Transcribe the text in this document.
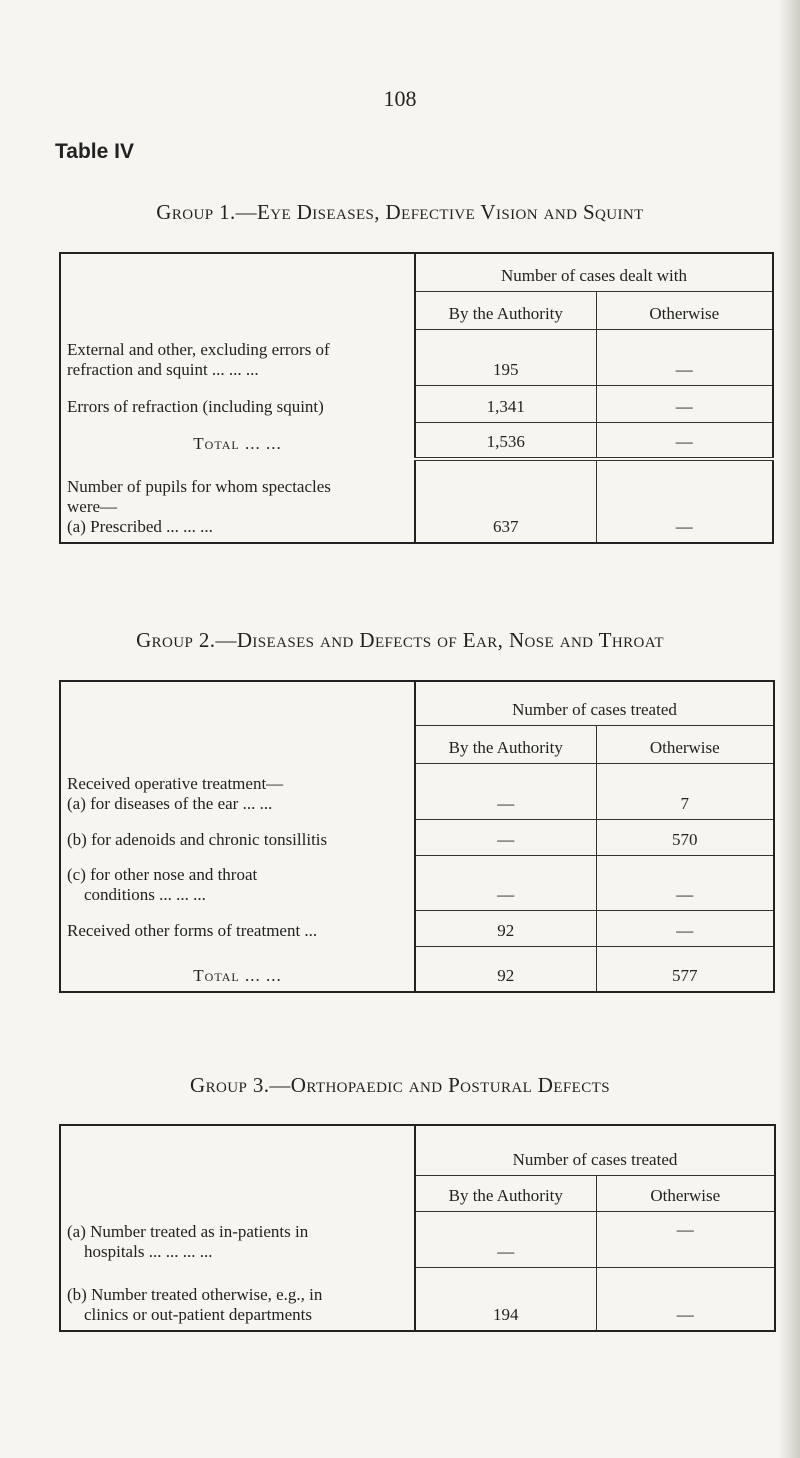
108
Table IV
Group 1.—Eye Diseases, Defective Vision and Squint
	Number of cases dealt with	
	By the Authority	Otherwise

External and other, excluding errors of
refraction and squint ... ... ...	195	—
Errors of refraction (including squint)	1,341	—

Total ... ...	1,536	—

Number of pupils for whom spectacles
were—
(a) Prescribed ... ... ...	637	—
Group 2.—Diseases and Defects of Ear, Nose and Throat
	Number of cases treated	
	By the Authority	Otherwise

Received operative treatment—
(a) for diseases of the ear ... ...	—	7
(b) for adenoids and chronic tonsillitis	—	570

(c) for other nose and throat
conditions ... ... ...	—	—
Received other forms of treatment ...	92	—

Total ... ...	92	577
Group 3.—Orthopaedic and Postural Defects
	Number of cases treated	
	By the Authority	Otherwise

(a) Number treated as in-patients in
hospitals ... ... ... ...	—	—

(b) Number treated otherwise, e.g., in
clinics or out-patient departments	194	—
